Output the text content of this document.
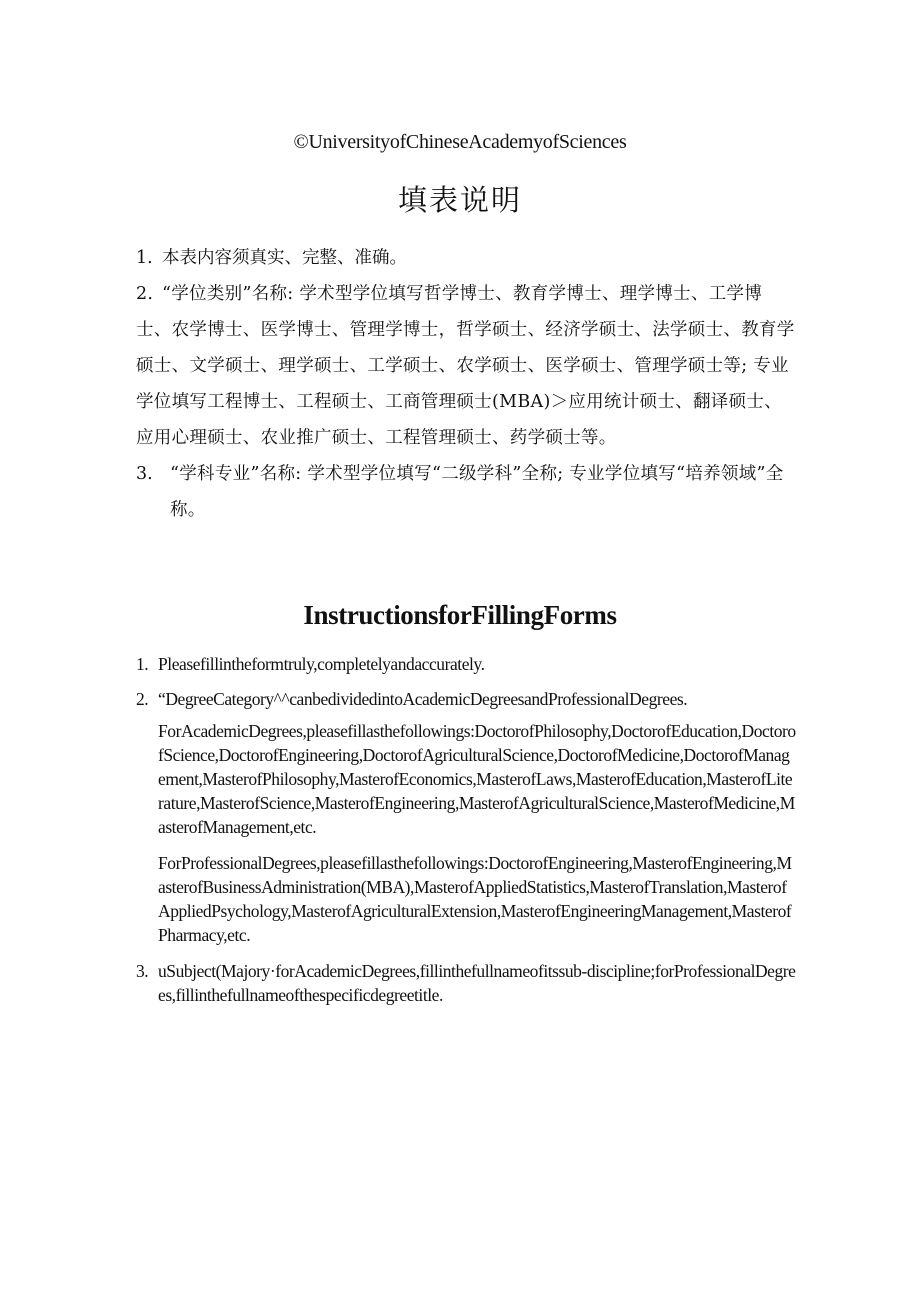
©UniversityofChineseAcademyofSciences
填表说明
1. 本表内容须真实、完整、准确。
2. “学位类别”名称: 学术型学位填写哲学博士、教育学博士、理学博士、工学博士、农学博士、医学博士、管理学博士，哲学硕士、经济学硕士、法学硕士、教育学硕士、文学硕士、理学硕士、工学硕士、农学硕士、医学硕士、管理学硕士等; 专业学位填写工程博士、工程硕士、工商管理硕士(MBA)＞应用统计硕士、翻译硕士、应用心理硕士、农业推广硕士、工程管理硕士、药学硕士等。
3. “学科专业”名称: 学术型学位填写“二级学科”全称; 专业学位填写“培养领域”全称。
InstructionsforFillingForms
1. Pleasefillintheformtruly,completelyandaccurately.
2. “DegreeCategory^^canbedividedintoAcademicDegreesandProfessionalDegrees.
ForAcademicDegrees,pleasefillasthefollowings:DoctorofPhilosophy,DoctorofEducation,DoctorofScience,DoctorofEngineering,DoctorofAgriculturalScience,DoctorofMedicine,DoctorofManagement,MasterofPhilosophy,MasterofEconomics,MasterofLaws,MasterofEducation,MasterofLiterature,MasterofScience,MasterofEngineering,MasterofAgriculturalScience,MasterofMedicine,MasterofManagement,etc.
ForProfessionalDegrees,pleasefillasthefollowings:DoctorofEngineering,MasterofEngineering,MasterofBusinessAdministration(MBA),MasterofAppliedStatistics,MasterofTranslation,MasterofAppliedPsychology,MasterofAgriculturalExtension,MasterofEngineeringManagement,MasterofPharmacy,etc.
3. uSubject(Majory·forAcademicDegrees,fillinthefullnameofitssub-discipline;forProfessionalDegrees,fillinthefullnameofthespecificdegreetitle.
